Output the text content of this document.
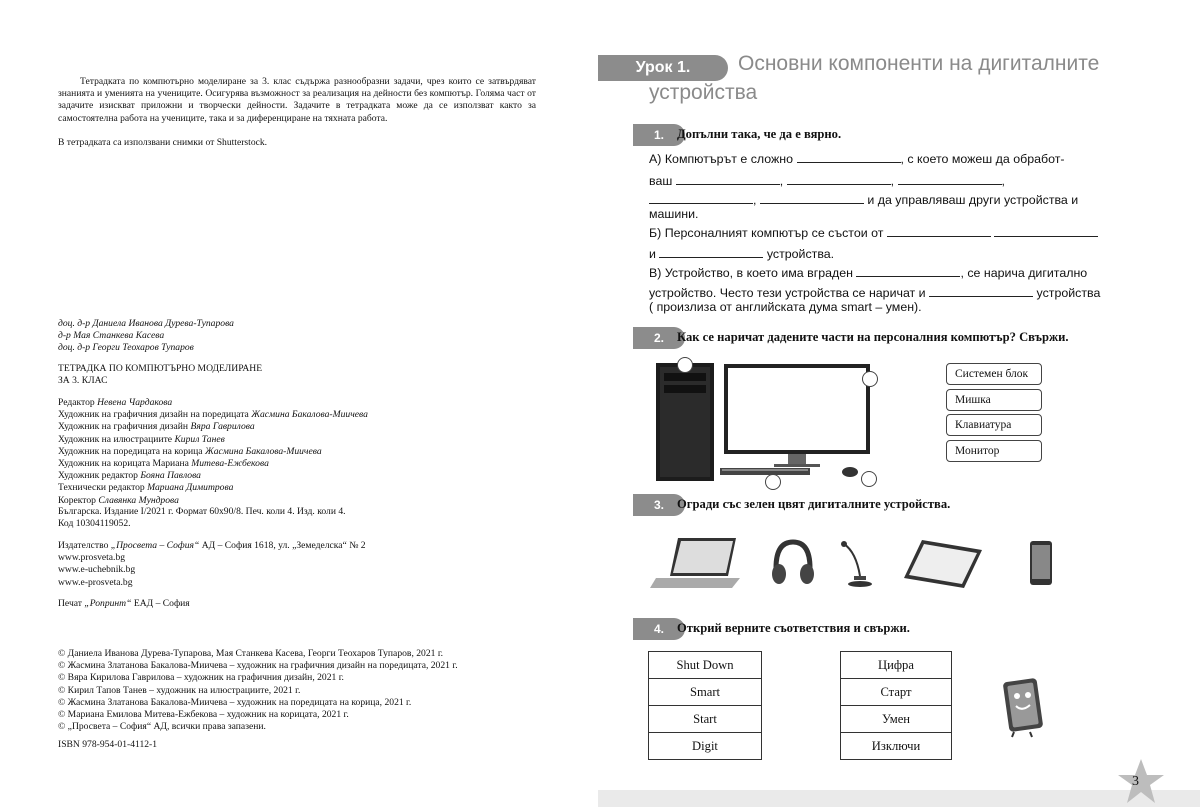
Тетрадката по компютърно моделиране за 3. клас съдържа разнообразни задачи, чрез които се затвърдяват знанията и уменията на учениците. Осигурява възможност за реализация на дейности без компютър. Голяма част от задачите изискват приложни и творчески дейности. Задачите в тетрадката може да се използват както за самостоятелна работа на учениците, така и за диференциране на тяхната работа.

В тетрадката са използвани снимки от Shutterstock.

доц. д-р Даниела Иванова Дурева-Тупарова
д-р Мая Станкева Касева
доц. д-р Георги Теохаров Тупаров
ТЕТРАДКА ПО КОМПЮТЪРНО МОДЕЛИРАНЕ
ЗА 3. КЛАС
Редактор Невена Чардакова
Художник на графичния дизайн на поредицата Жасмина Бакалова-Миичева
Художник на графичния дизайн Вяра Гаврилова
Художник на илюстрациите Кирил Танев
Художник на поредицата на корица Жасмина Бакалова-Миичева
Художник на корицата Мариана Митева-Ежбекова
Художник редактор Бояна Павлова
Технически редактор Мариана Димитрова
Коректор Славянка Мундрова
Българска. Издание I/2021 г. Формат 60х90/8. Печ. коли 4. Изд. коли 4.
Код 10304119052.
Издателство „Просвета – София“ АД – София 1618, ул. „Земеделска“ № 2
www.prosveta.bg
www.e-uchebnik.bg
www.e-prosveta.bg
Печат „Ропринт“ ЕАД – София
© Даниела Иванова Дурева-Тупарова, Мая Станкева Касева, Георги Теохаров Тупаров, 2021 г.
© Жасмина Златанова Бакалова-Миичева – художник на графичния дизайн на поредицата, 2021 г.
© Вяра Кирилова Гаврилова – художник на графичния дизайн, 2021 г.
© Кирил Тапов Танев – художник на илюстрациите, 2021 г.
© Жасмина Златанова Бакалова-Миичева – художник на поредицата на корица, 2021 г.
© Мариана Емилова Митева-Ежбекова – художник на корицата, 2021 г.
© „Просвета – София“ АД, всички права запазени.
ISBN 978-954-01-4112-1
Урок 1.	Основни компоненти на дигиталните
устройства
1.	Допълни така, че да е вярно.
А) Компютърът е сложно	, с което можеш да обработ-
ваш	,	,	,
,	и да управляваш други устройства и
машини.
Б) Персоналният компютър се състои от
и	устройства.
В) Устройство, в което има вграден	, се нарича дигитално
устройство. Често тези устройства се наричат и	устройства
( произлиза от английската дума smart – умен).
2.	Как се наричат дадените части на персоналния компютър? Свържи.
Системен блок
Мишка
Клавиатура
Монитор
3.	Огради със зелен цвят дигиталните устройства.
4.	Открий верните съответствия и свържи.
Shut Down
Smart
Start
Digit
Цифра
Старт
Умен
Изключи
3
